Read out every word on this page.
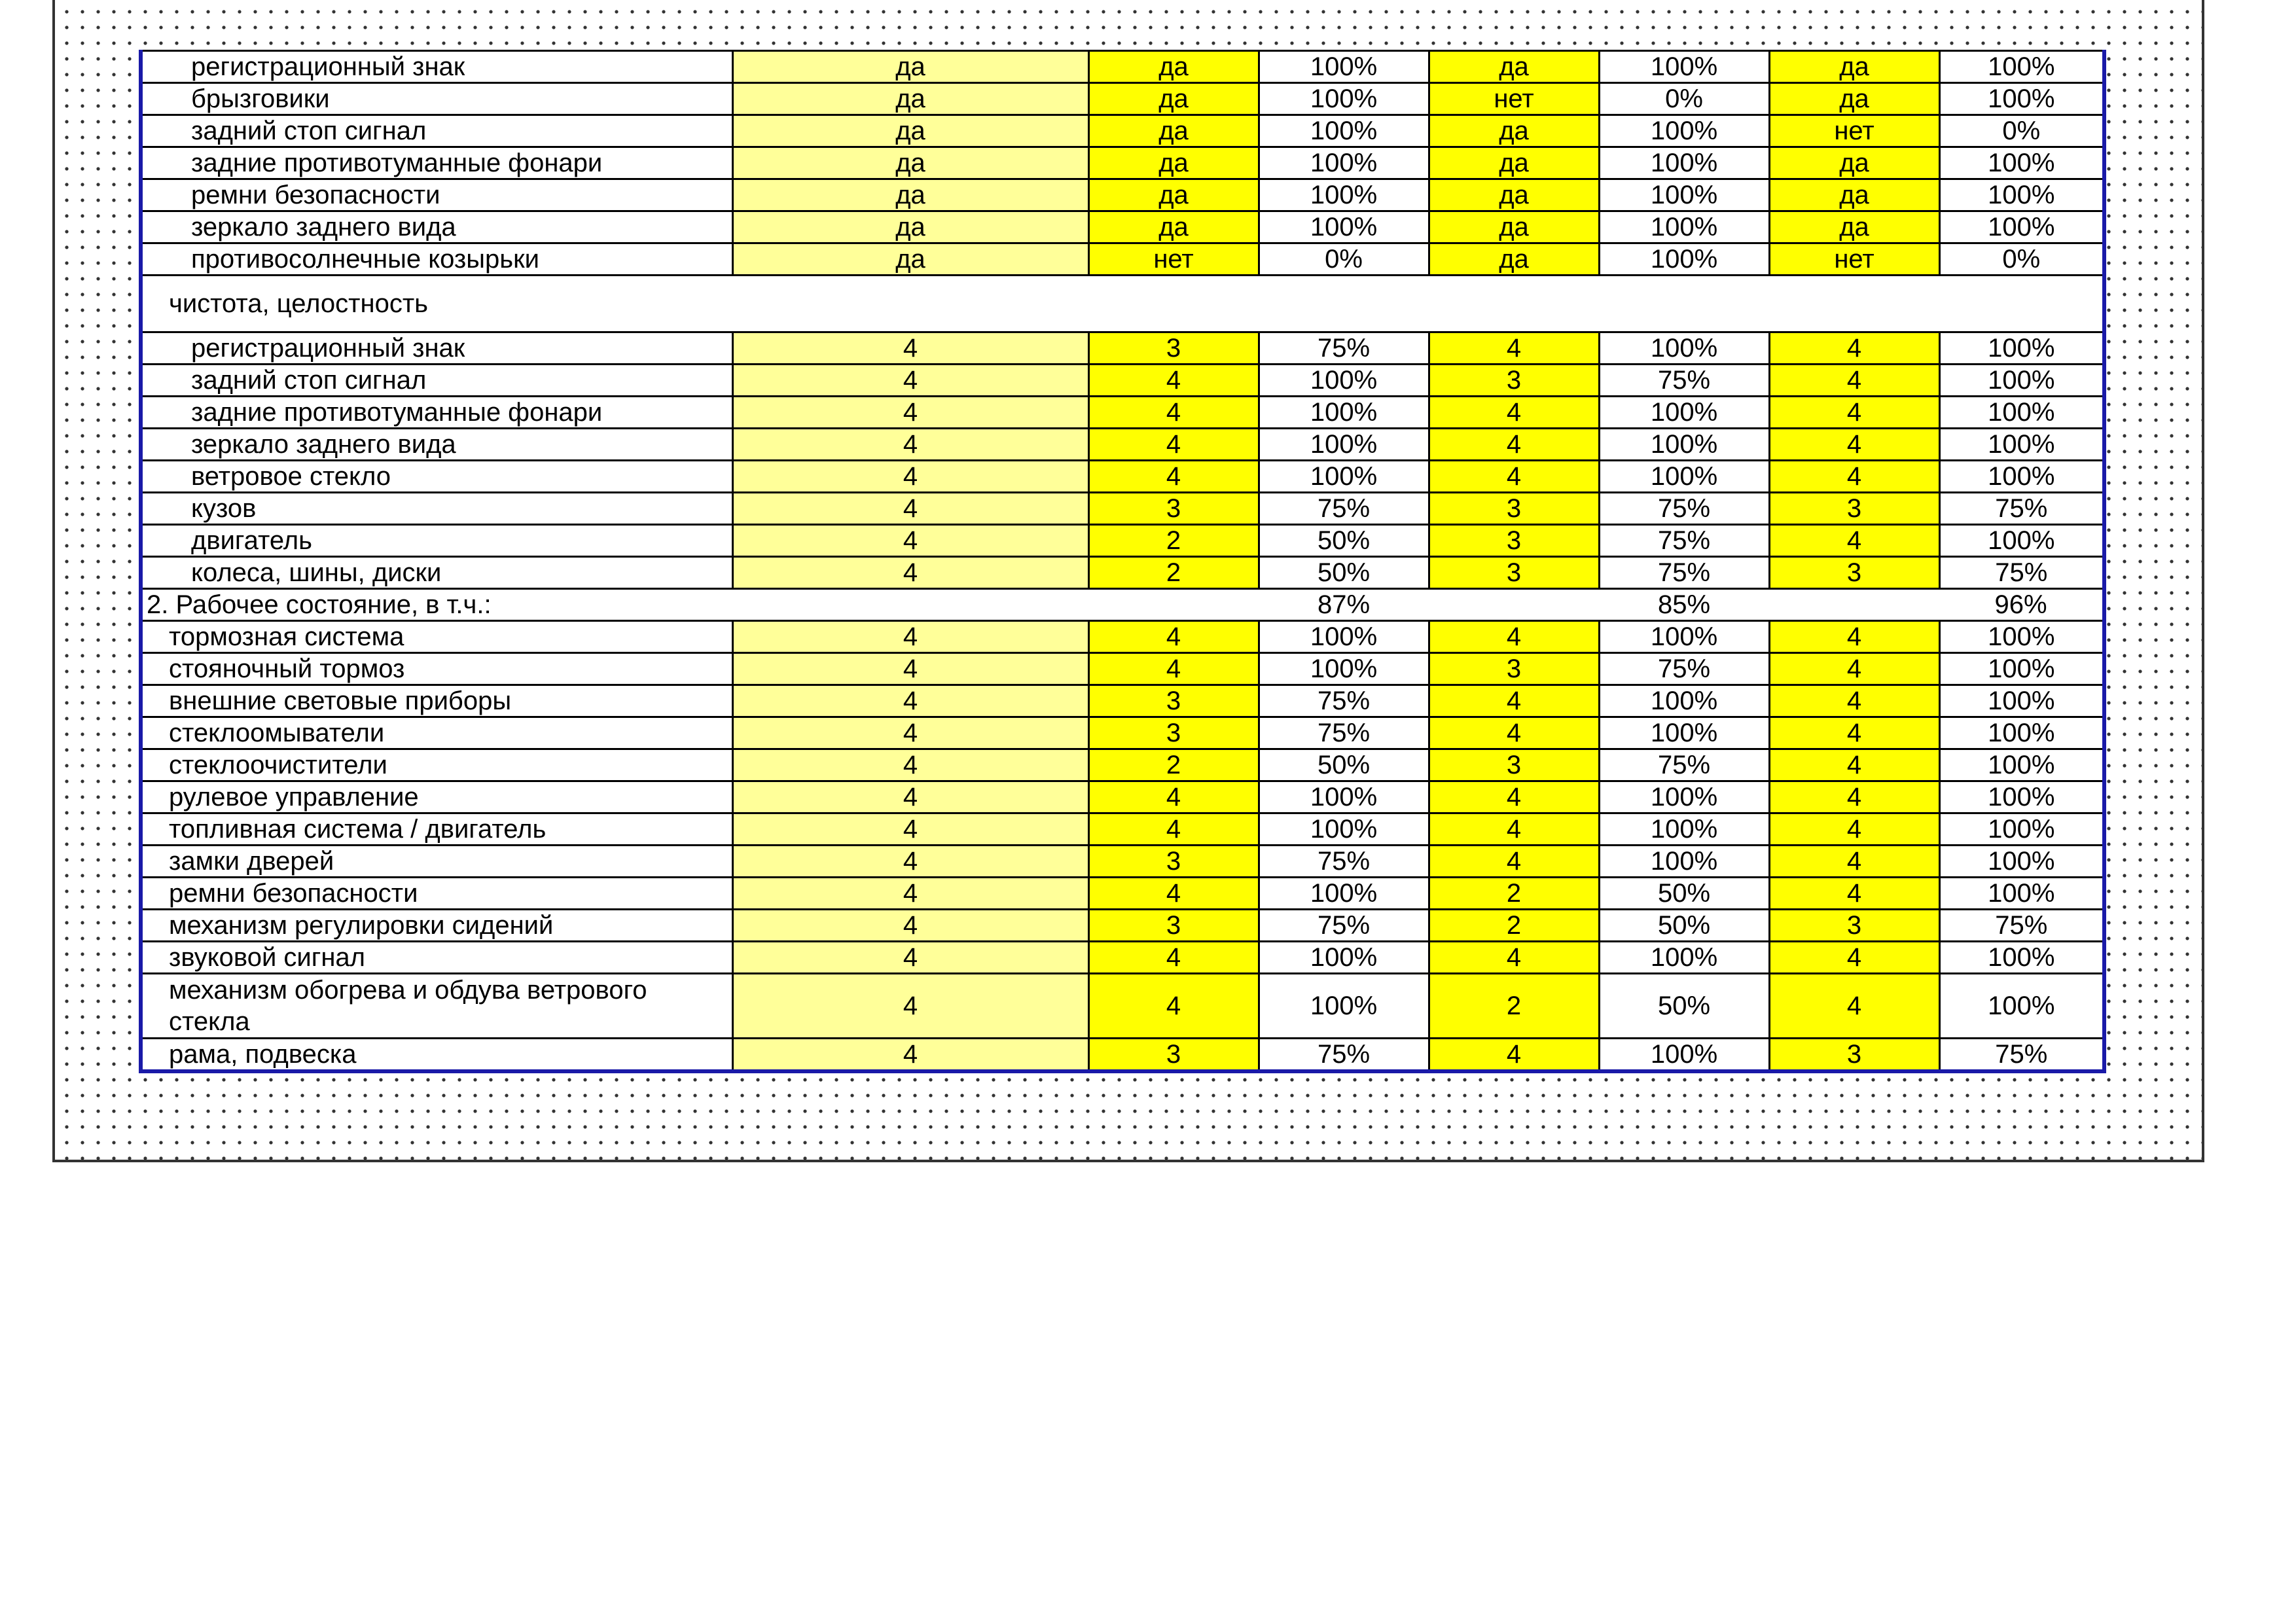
регистрационный знак	да	да	100%	да	100%	да	100%
брызговики	да	да	100%	нет	0%	да	100%
задний стоп сигнал	да	да	100%	да	100%	нет	0%
задние противотуманные фонари	да	да	100%	да	100%	да	100%
ремни безопасности	да	да	100%	да	100%	да	100%
зеркало заднего вида	да	да	100%	да	100%	да	100%
противосолнечные козырьки	да	нет	0%	да	100%	нет	0%
чистота, целостность							
регистрационный знак	4	3	75%	4	100%	4	100%
задний стоп сигнал	4	4	100%	3	75%	4	100%
задние противотуманные фонари	4	4	100%	4	100%	4	100%
зеркало заднего вида	4	4	100%	4	100%	4	100%
ветровое стекло	4	4	100%	4	100%	4	100%
кузов	4	3	75%	3	75%	3	75%
двигатель	4	2	50%	3	75%	4	100%
колеса, шины, диски	4	2	50%	3	75%	3	75%
2. Рабочее состояние, в т.ч.:			87%		85%		96%
тормозная система	4	4	100%	4	100%	4	100%
стояночный тормоз	4	4	100%	3	75%	4	100%
внешние световые приборы	4	3	75%	4	100%	4	100%
стеклоомыватели	4	3	75%	4	100%	4	100%
стеклоочистители	4	2	50%	3	75%	4	100%
рулевое управление	4	4	100%	4	100%	4	100%
топливная система / двигатель	4	4	100%	4	100%	4	100%
замки дверей	4	3	75%	4	100%	4	100%
ремни безопасности	4	4	100%	2	50%	4	100%
механизм регулировки сидений	4	3	75%	2	50%	3	75%
звуковой сигнал	4	4	100%	4	100%	4	100%
механизм обогрева и обдува ветрового стекла	4	4	100%	2	50%	4	100%
рама, подвеска	4	3	75%	4	100%	3	75%
